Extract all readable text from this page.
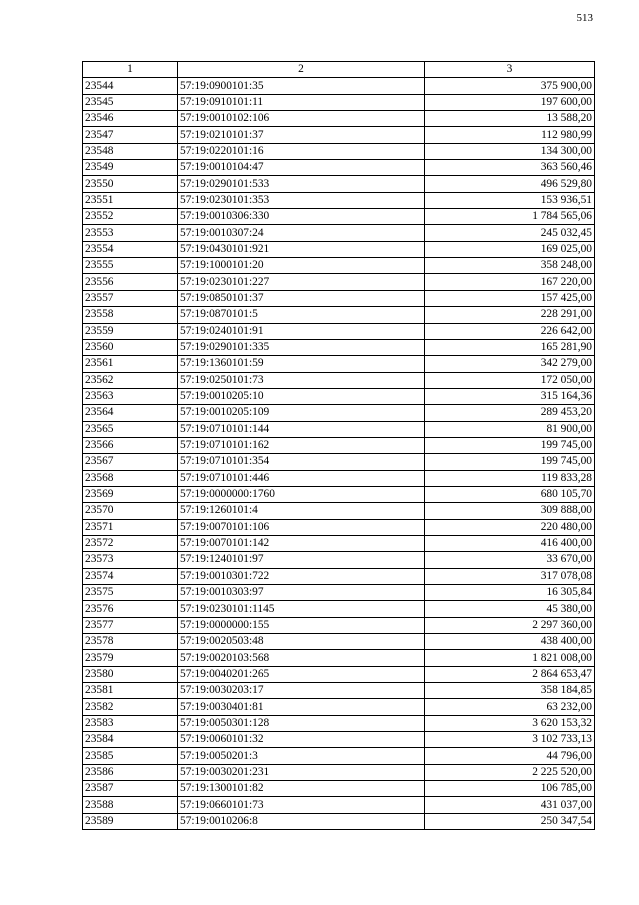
513
1	2	3
23544	57:19:0900101:35	375 900,00
23545	57:19:0910101:11	197 600,00
23546	57:19:0010102:106	13 588,20
23547	57:19:0210101:37	112 980,99
23548	57:19:0220101:16	134 300,00
23549	57:19:0010104:47	363 560,46
23550	57:19:0290101:533	496 529,80
23551	57:19:0230101:353	153 936,51
23552	57:19:0010306:330	1 784 565,06
23553	57:19:0010307:24	245 032,45
23554	57:19:0430101:921	169 025,00
23555	57:19:1000101:20	358 248,00
23556	57:19:0230101:227	167 220,00
23557	57:19:0850101:37	157 425,00
23558	57:19:0870101:5	228 291,00
23559	57:19:0240101:91	226 642,00
23560	57:19:0290101:335	165 281,90
23561	57:19:1360101:59	342 279,00
23562	57:19:0250101:73	172 050,00
23563	57:19:0010205:10	315 164,36
23564	57:19:0010205:109	289 453,20
23565	57:19:0710101:144	81 900,00
23566	57:19:0710101:162	199 745,00
23567	57:19:0710101:354	199 745,00
23568	57:19:0710101:446	119 833,28
23569	57:19:0000000:1760	680 105,70
23570	57:19:1260101:4	309 888,00
23571	57:19:0070101:106	220 480,00
23572	57:19:0070101:142	416 400,00
23573	57:19:1240101:97	33 670,00
23574	57:19:0010301:722	317 078,08
23575	57:19:0010303:97	16 305,84
23576	57:19:0230101:1145	45 380,00
23577	57:19:0000000:155	2 297 360,00
23578	57:19:0020503:48	438 400,00
23579	57:19:0020103:568	1 821 008,00
23580	57:19:0040201:265	2 864 653,47
23581	57:19:0030203:17	358 184,85
23582	57:19:0030401:81	63 232,00
23583	57:19:0050301:128	3 620 153,32
23584	57:19:0060101:32	3 102 733,13
23585	57:19:0050201:3	44 796,00
23586	57:19:0030201:231	2 225 520,00
23587	57:19:1300101:82	106 785,00
23588	57:19:0660101:73	431 037,00
23589	57:19:0010206:8	250 347,54
